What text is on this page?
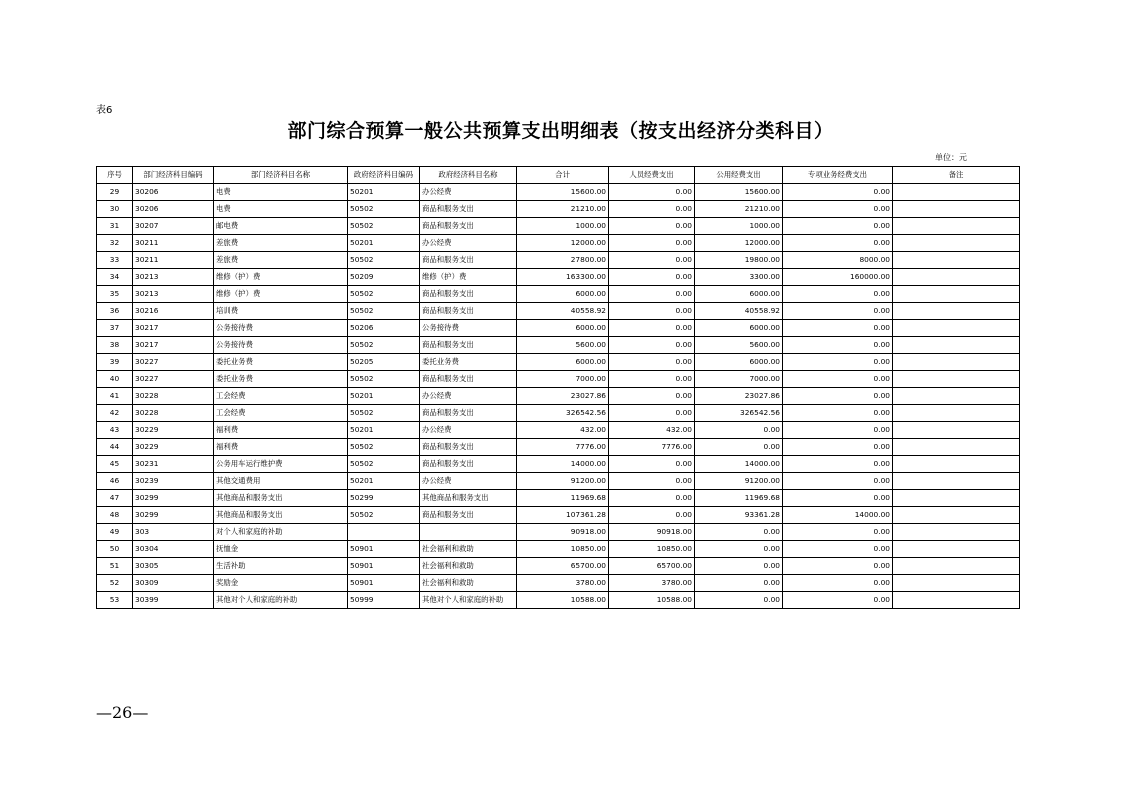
表6
部门综合预算一般公共预算支出明细表（按支出经济分类科目）
单位：元
序号	部门经济科目编码	部门经济科目名称	政府经济科目编码	政府经济科目名称	合计	人员经费支出	公用经费支出	专项业务经费支出	备注
29	30206	电费	50201	办公经费	15600.00	0.00	15600.00	0.00	
30	30206	电费	50502	商品和服务支出	21210.00	0.00	21210.00	0.00	
31	30207	邮电费	50502	商品和服务支出	1000.00	0.00	1000.00	0.00	
32	30211	差旅费	50201	办公经费	12000.00	0.00	12000.00	0.00	
33	30211	差旅费	50502	商品和服务支出	27800.00	0.00	19800.00	8000.00	
34	30213	维修（护）费	50209	维修（护）费	163300.00	0.00	3300.00	160000.00	
35	30213	维修（护）费	50502	商品和服务支出	6000.00	0.00	6000.00	0.00	
36	30216	培训费	50502	商品和服务支出	40558.92	0.00	40558.92	0.00	
37	30217	公务接待费	50206	公务接待费	6000.00	0.00	6000.00	0.00	
38	30217	公务接待费	50502	商品和服务支出	5600.00	0.00	5600.00	0.00	
39	30227	委托业务费	50205	委托业务费	6000.00	0.00	6000.00	0.00	
40	30227	委托业务费	50502	商品和服务支出	7000.00	0.00	7000.00	0.00	
41	30228	工会经费	50201	办公经费	23027.86	0.00	23027.86	0.00	
42	30228	工会经费	50502	商品和服务支出	326542.56	0.00	326542.56	0.00	
43	30229	福利费	50201	办公经费	432.00	432.00	0.00	0.00	
44	30229	福利费	50502	商品和服务支出	7776.00	7776.00	0.00	0.00	
45	30231	公务用车运行维护费	50502	商品和服务支出	14000.00	0.00	14000.00	0.00	
46	30239	其他交通费用	50201	办公经费	91200.00	0.00	91200.00	0.00	
47	30299	其他商品和服务支出	50299	其他商品和服务支出	11969.68	0.00	11969.68	0.00	
48	30299	其他商品和服务支出	50502	商品和服务支出	107361.28	0.00	93361.28	14000.00	
49	303	对个人和家庭的补助			90918.00	90918.00	0.00	0.00	
50	30304	抚恤金	50901	社会福利和救助	10850.00	10850.00	0.00	0.00	
51	30305	生活补助	50901	社会福利和救助	65700.00	65700.00	0.00	0.00	
52	30309	奖励金	50901	社会福利和救助	3780.00	3780.00	0.00	0.00	
53	30399	其他对个人和家庭的补助	50999	其他对个人和家庭的补助	10588.00	10588.00	0.00	0.00	
—26—
